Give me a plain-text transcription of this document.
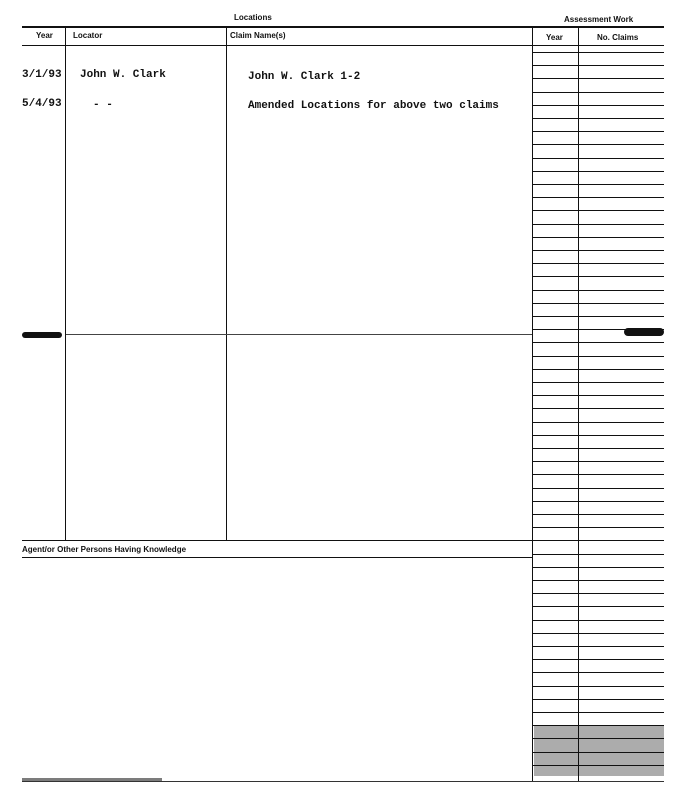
Locations	Assessment Work
Year	Locator	Claim Name(s)	Year	No. Claims
3/1/93 John W. Clark	John W. Clark 1-2
5/4/93	- -	Amended Locations for above two claims
Agent/or Other Persons Having Knowledge
